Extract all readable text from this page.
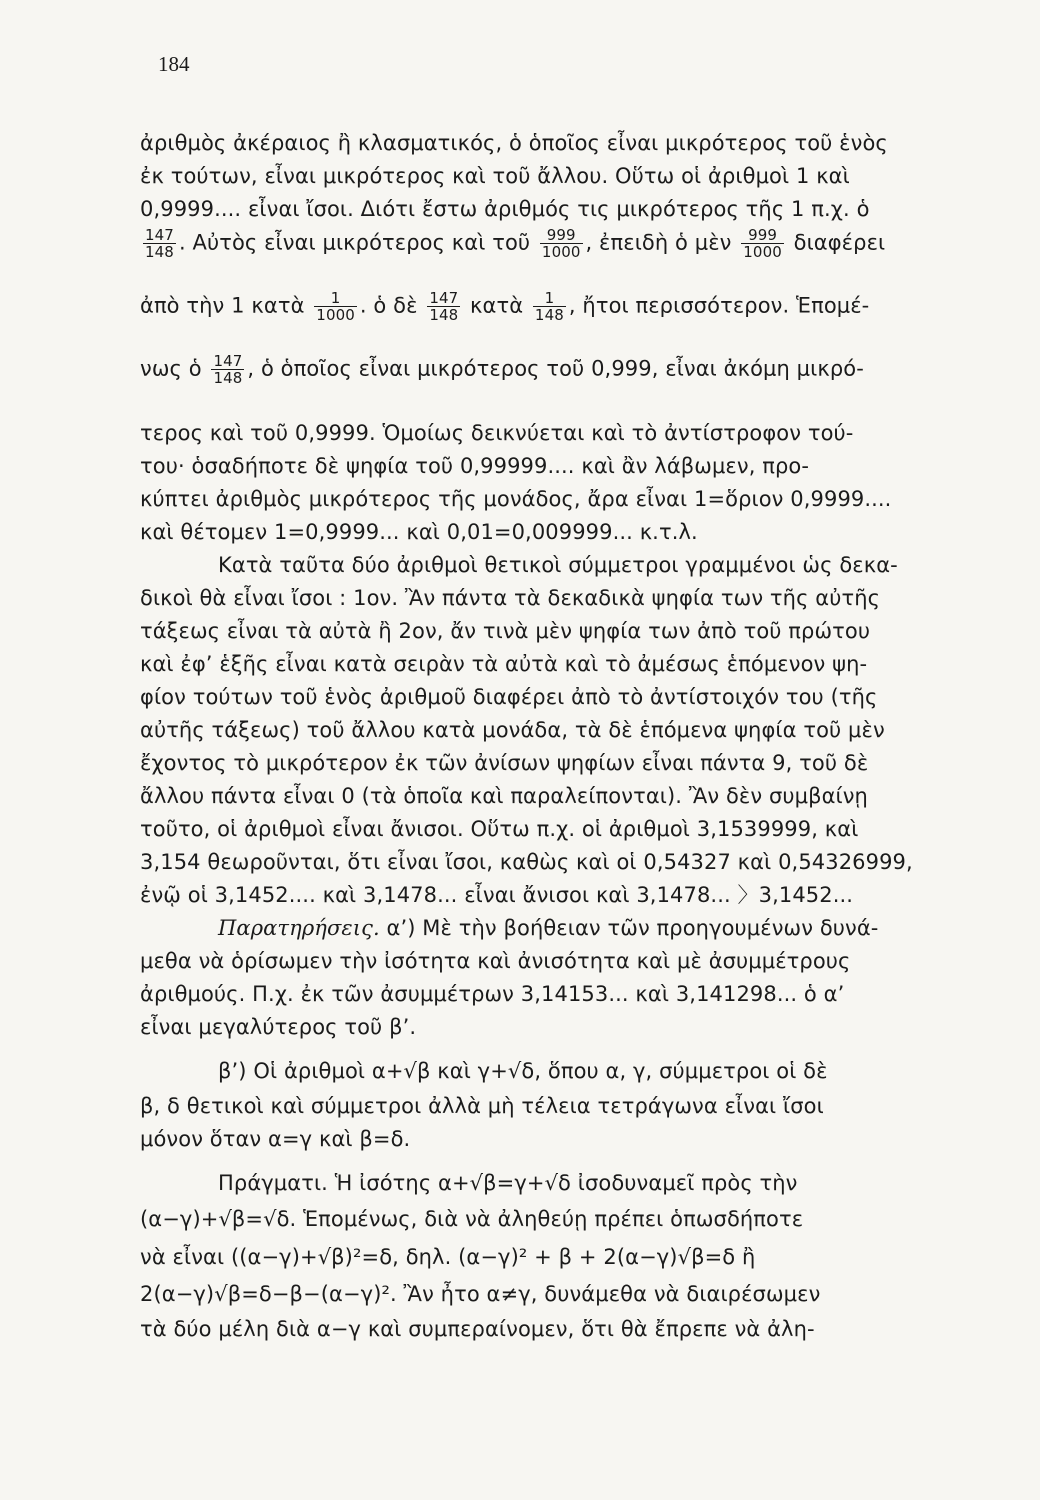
184
ἀριθμὸς ἀκέραιος ἢ κλασματικός, ὁ ὁποῖος εἶναι μικρότερος τοῦ ἑνὸς
ἐκ τούτων, εἶναι μικρότερος καὶ τοῦ ἄλλου. Οὕτω οἱ ἀριθμοὶ 1 καὶ
0,9999.... εἶναι ἴσοι. Διότι ἔστω ἀριθμός τις μικρότερος τῆς 1 π.χ. ὁ
$\frac{147}{148}$ . Αὐτὸς εἶναι μικρότερος καὶ τοῦ $\frac{999}{1000}$ , ἐπειδὴ ὁ μὲν $\frac{999}{1000}$ διαφέρει
ἀπὸ τὴν 1 κατὰ $\frac{1}{1000}$ . ὁ δὲ $\frac{147}{148}$ κατὰ $\frac{1}{148}$ , ἤτοι περισσότερον. Ἑπομέ-
νως ὁ $\frac{147}{148}$ , ὁ ὁποῖος εἶναι μικρότερος τοῦ 0,999, εἶναι ἀκόμη μικρό-
τερος καὶ τοῦ 0,9999. Ὁμοίως δεικνύεται καὶ τὸ ἀντίστροφον τού-
του· ὁσαδήποτε δὲ ψηφία τοῦ 0,99999.... καὶ ἂν λάβωμεν, προ-
κύπτει ἀριθμὸς μικρότερος τῆς μονάδος, ἄρα εἶναι 1=ὅριον 0,9999....
καὶ θέτομεν 1=0,9999... καὶ 0,01=0,009999... κ.τ.λ.
Κατὰ ταῦτα δύο ἀριθμοὶ θετικοὶ σύμμετροι γραμμένοι ὡς δεκα-
δικοὶ θὰ εἶναι ἴσοι : 1ον. Ἂν πάντα τὰ δεκαδικὰ ψηφία των τῆς αὐτῆς
τάξεως εἶναι τὰ αὐτὰ ἢ 2ον, ἄν τινὰ μὲν ψηφία των ἀπὸ τοῦ πρώτου
καὶ ἐφ’ ἑξῆς εἶναι κατὰ σειρὰν τὰ αὐτὰ καὶ τὸ ἀμέσως ἑπόμενον ψη-
φίον τούτων τοῦ ἑνὸς ἀριθμοῦ διαφέρει ἀπὸ τὸ ἀντίστοιχόν του (τῆς
αὐτῆς τάξεως) τοῦ ἄλλου κατὰ μονάδα, τὰ δὲ ἑπόμενα ψηφία τοῦ μὲν
ἔχοντος τὸ μικρότερον ἐκ τῶν ἀνίσων ψηφίων εἶναι πάντα 9, τοῦ δὲ
ἄλλου πάντα εἶναι 0 (τὰ ὁποῖα καὶ παραλείπονται). Ἂν δὲν συμβαίνῃ
τοῦτο, οἱ ἀριθμοὶ εἶναι ἄνισοι. Οὕτω π.χ. οἱ ἀριθμοὶ 3,1539999, καὶ
3,154 θεωροῦνται, ὅτι εἶναι ἴσοι, καθὼς καὶ οἱ 0,54327 καὶ 0,54326999,
ἐνῷ οἱ 3,1452.... καὶ 3,1478... εἶναι ἄνισοι καὶ 3,1478... 〉3,1452...
Παρατηρήσεις. α’) Μὲ τὴν βοήθειαν τῶν προηγουμένων δυνά-
μεθα νὰ ὁρίσωμεν τὴν ἰσότητα καὶ ἀνισότητα καὶ μὲ ἀσυμμέτρους
ἀριθμούς. Π.χ. ἐκ τῶν ἀσυμμέτρων 3,14153... καὶ 3,141298... ὁ α’
εἶναι μεγαλύτερος τοῦ β’.
β’) Οἱ ἀριθμοὶ α+√β καὶ γ+√δ, ὅπου α, γ, σύμμετροι οἱ δὲ
β, δ θετικοὶ καὶ σύμμετροι ἀλλὰ μὴ τέλεια τετράγωνα εἶναι ἴσοι
μόνον ὅταν α=γ καὶ β=δ.
Πράγματι. Ἡ ἰσότης α+√β=γ+√δ ἰσοδυναμεῖ πρὸς τὴν
(α−γ)+√β=√δ. Ἑπομένως, διὰ νὰ ἀληθεύῃ πρέπει ὁπωσδήποτε
νὰ εἶναι ((α−γ)+√β)²=δ, δηλ. (α−γ)² + β + 2(α−γ)√β=δ ἢ
2(α−γ)√β=δ−β−(α−γ)². Ἂν ἦτο α≠γ, δυνάμεθα νὰ διαιρέσωμεν
τὰ δύο μέλη διὰ α−γ καὶ συμπεραίνομεν, ὅτι θὰ ἔπρεπε νὰ ἀλη-
